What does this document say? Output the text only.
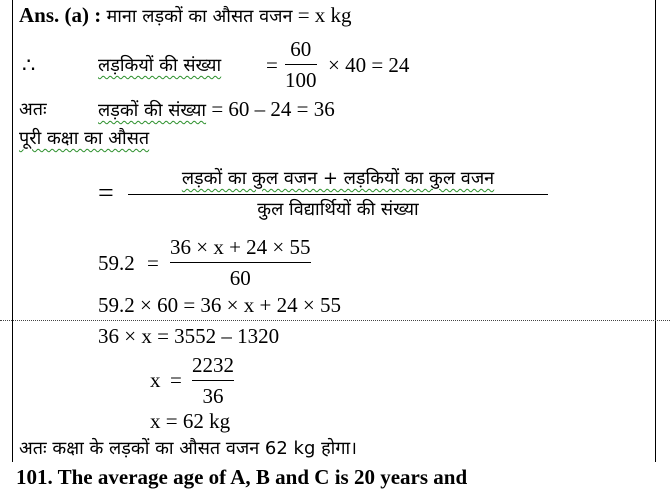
Ans. (a) : माना लड़कों का औसत वजन = x kg
∴	लड़कियों की संख्या =
60
100
× 40 = 24
अतः	लड़कों की संख्या = 60 – 24 = 36
पूरी कक्षा का औसत
=	लड़कों का कुल वजन + लड़कियों का कुल वजन
कुल विद्यार्थियों की संख्या
59.2 =
36 × x + 24 × 55
60
59.2 × 60 = 36 × x + 24 × 55
36 × x = 3552 – 1320
x =
2232
36
x = 62 kg
अतः कक्षा के लड़कों का औसत वजन 62 kg होगा।
101. The average age of A, B and C is 20 years and
